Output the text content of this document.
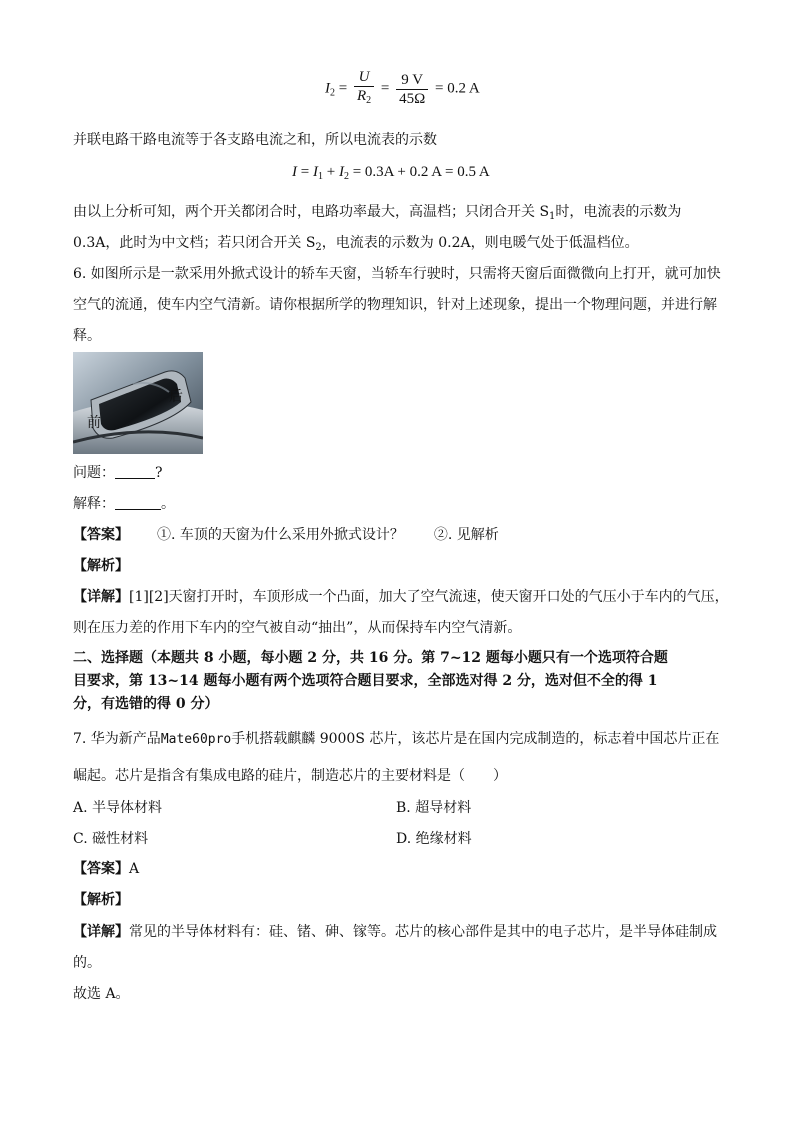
$I_2 = \frac{U}{R_2} = \frac{9 V}{45\Omega} = 0.2$ A
并联电路干路电流等于各支路电流之和，所以电流表的示数
$I = I_1 + I_2 = 0.3A + 0.2$ A = 0.5 A
由以上分析可知，两个开关都闭合时，电路功率最大，高温档；只闭合开关 $S_1$时，电流表的示数为
0.3A，此时为中文档；若只闭合开关 $S_2$，电流表的示数为 0.2A，则电暖气处于低温档位。
6. 如图所示是一款采用外掀式设计的轿车天窗，当轿车行驶时，只需将天窗后面微微向上打开，就可加快
空气的流通，使车内空气清新。请你根据所学的物理知识，针对上述现象，提出一个物理问题，并进行解
释。
前
后
问题：	?
解释：	。
【答案】 ①. 车顶的天窗为什么采用外掀式设计？ ②. 见解析
【解析】
【详解】[1][2]天窗打开时，车顶形成一个凸面，加大了空气流速，使天窗开口处的气压小于车内的气压，
则在压力差的作用下车内的空气被自动“抽出”，从而保持车内空气清新。
二、选择题（本题共 8 小题，每小题 2 分，共 16 分。第 7~12 题每小题只有一个选项符合题
目要求，第 13~14 题每小题有两个选项符合题目要求，全部选对得 2 分，选对但不全的得 1
分，有选错的得 0 分）
7. 华为新产品Mate60pro手机搭载麒麟 9000S 芯片，该芯片是在国内完成制造的，标志着中国芯片正在
崛起。芯片是指含有集成电路的硅片，制造芯片的主要材料是（　　）
A. 半导体材料	B. 超导材料
C. 磁性材料	D. 绝缘材料
【答案】A
【解析】
【详解】常见的半导体材料有：硅、锗、砷、镓等。芯片的核心部件是其中的电子芯片，是半导体硅制成
的。
故选 A。
